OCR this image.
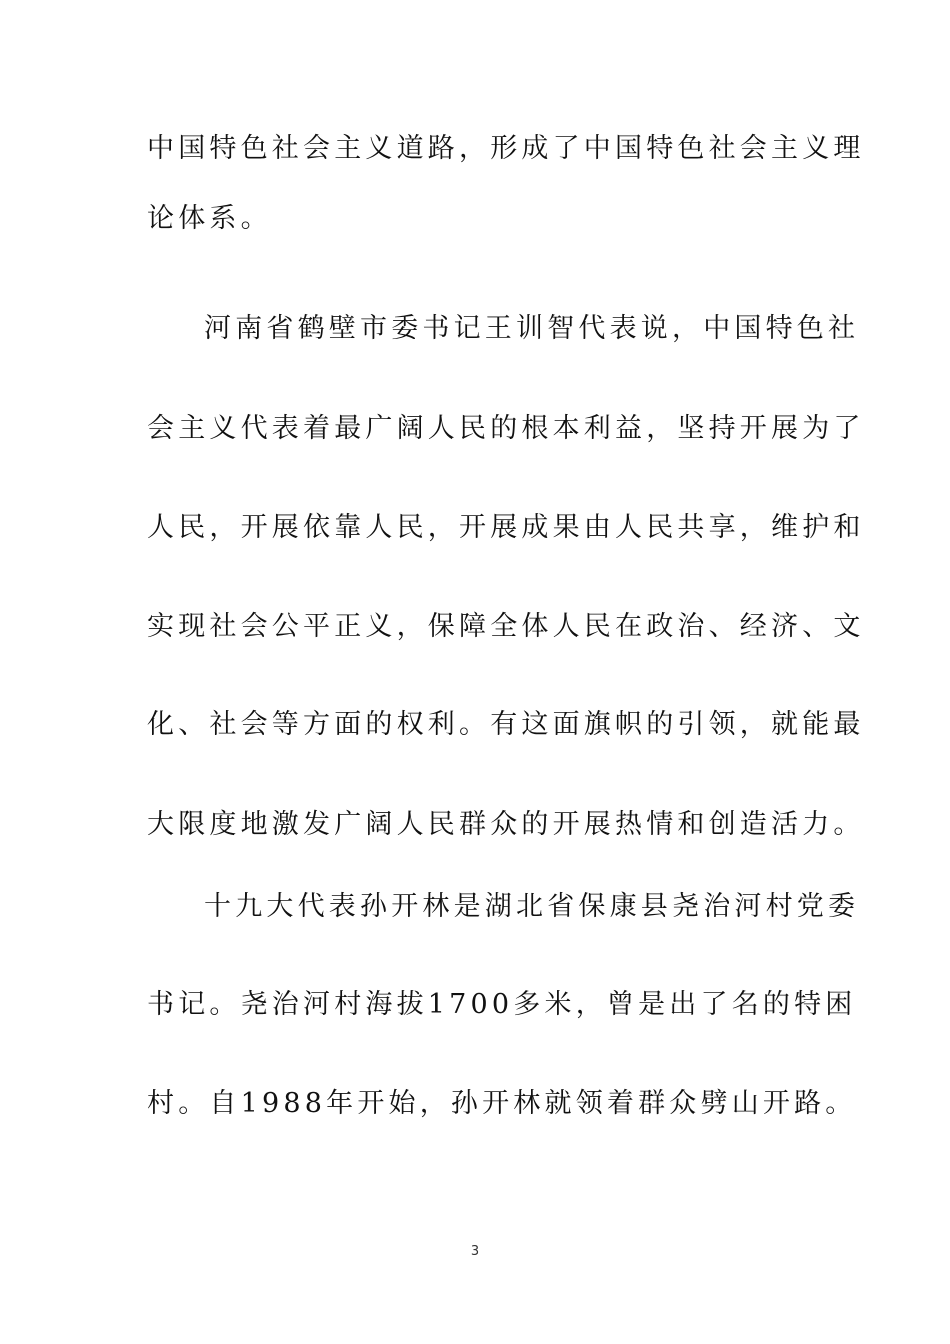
中国特色社会主义道路，形成了中国特色社会主义理
论体系。
河南省鹤壁市委书记王训智代表说，中国特色社
会主义代表着最广阔人民的根本利益，坚持开展为了
人民，开展依靠人民，开展成果由人民共享，维护和
实现社会公平正义，保障全体人民在政治、经济、文
化、社会等方面的权利。有这面旗帜的引领，就能最
大限度地激发广阔人民群众的开展热情和创造活力。
十九大代表孙开林是湖北省保康县尧治河村党委
书记。尧治河村海拔1700多米，曾是出了名的特困
村。自1988年开始，孙开林就领着群众劈山开路。
3
